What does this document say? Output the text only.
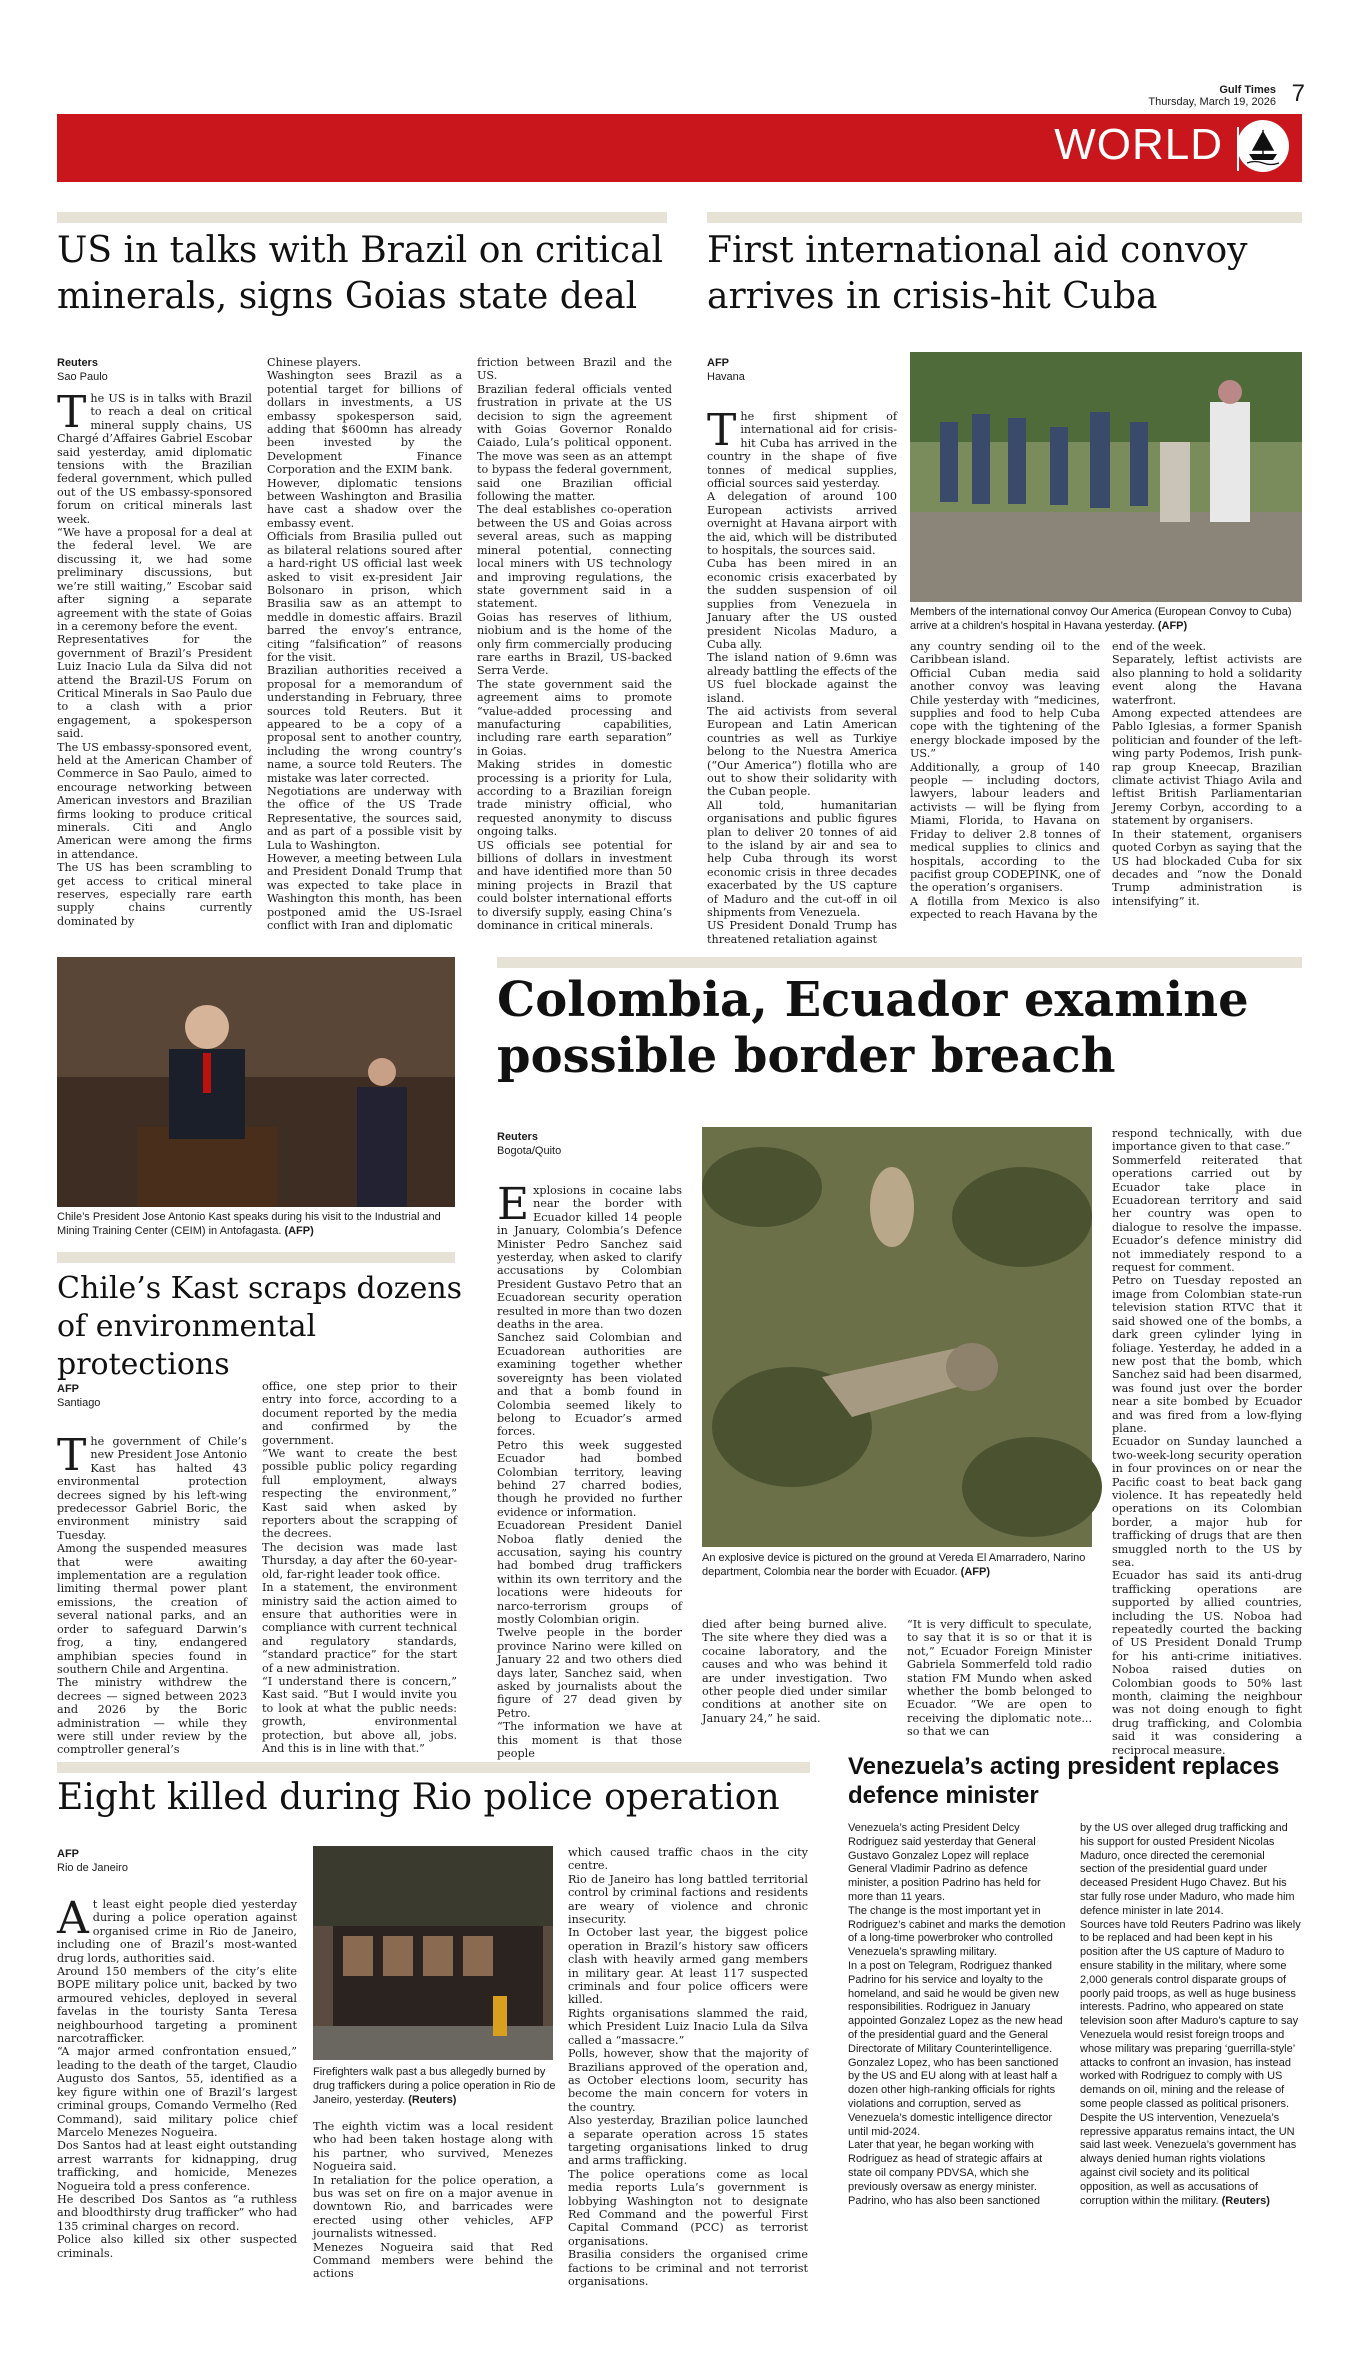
Gulf Times
Thursday, March 19, 2026 7
WORLD
US in talks with Brazil on critical minerals, signs Goias state deal
Reuters
Sao Paulo
The US is in talks with Brazil to reach a deal on critical mineral supply chains, US Chargé d’Affaires Gabriel Escobar said yesterday, amid diplomatic tensions with the Brazilian federal government, which pulled out of the US embassy-sponsored forum on critical minerals last week.
“We have a proposal for a deal at the federal level. We are discussing it, we had some preliminary discussions, but we’re still waiting,” Escobar said after signing a separate agreement with the state of Goias in a ceremony before the event.
Representatives for the government of Brazil’s President Luiz Inacio Lula da Silva did not attend the Brazil-US Forum on Critical Minerals in Sao Paulo due to a clash with a prior engagement, a spokesperson said.
The US embassy-sponsored event, held at the American Chamber of Commerce in Sao Paulo, aimed to encourage networking between American investors and Brazilian firms looking to produce critical minerals. Citi and Anglo American were among the firms in attendance.
The US has been scrambling to get access to critical mineral reserves, especially rare earth supply chains currently dominated by
Chinese players.
Washington sees Brazil as a potential target for billions of dollars in investments, a US embassy spokesperson said, adding that $600mn has already been invested by the Development Finance Corporation and the EXIM bank.
However, diplomatic tensions between Washington and Brasilia have cast a shadow over the embassy event.
Officials from Brasilia pulled out as bilateral relations soured after a hard-right US official last week asked to visit ex-president Jair Bolsonaro in prison, which Brasilia saw as an attempt to meddle in domestic affairs. Brazil barred the envoy’s entrance, citing “falsification” of reasons for the visit.
Brazilian authorities received a proposal for a memorandum of understanding in February, three sources told Reuters. But it appeared to be a copy of a proposal sent to another country, including the wrong country’s name, a source told Reuters. The mistake was later corrected.
Negotiations are underway with the office of the US Trade Representative, the sources said, and as part of a possible visit by Lula to Washington.
However, a meeting between Lula and President Donald Trump that was expected to take place in Washington this month, has been postponed amid the US-Israel conflict with Iran and diplomatic
friction between Brazil and the US.
Brazilian federal officials vented frustration in private at the US decision to sign the agreement with Goias Governor Ronaldo Caiado, Lula’s political opponent. The move was seen as an attempt to bypass the federal government, said one Brazilian official following the matter.
The deal establishes co-operation between the US and Goias across several areas, such as mapping mineral potential, connecting local miners with US technology and improving regulations, the state government said in a statement.
Goias has reserves of lithium, niobium and is the home of the only firm commercially producing rare earths in Brazil, US-backed Serra Verde.
The state government said the agreement aims to promote “value-added processing and manufacturing capabilities, including rare earth separation” in Goias.
Making strides in domestic processing is a priority for Lula, according to a Brazilian foreign trade ministry official, who requested anonymity to discuss ongoing talks.
US officials see potential for billions of dollars in investment and have identified more than 50 mining projects in Brazil that could bolster international efforts to diversify supply, easing China’s dominance in critical minerals.
First international aid convoy arrives in crisis-hit Cuba
AFP
Havana
The first shipment of international aid for crisis-hit Cuba has arrived in the country in the shape of five tonnes of medical supplies, official sources said yesterday.
A delegation of around 100 European activists arrived overnight at Havana airport with the aid, which will be distributed to hospitals, the sources said.
Cuba has been mired in an economic crisis exacerbated by the sudden suspension of oil supplies from Venezuela in January after the US ousted president Nicolas Maduro, a Cuba ally.
The island nation of 9.6mn was already battling the effects of the US fuel blockade against the island.
The aid activists from several European and Latin American countries as well as Turkiye belong to the Nuestra America (“Our America”) flotilla who are out to show their solidarity with the Cuban people.
All told, humanitarian organisations and public figures plan to deliver 20 tonnes of aid to the island by air and sea to help Cuba through its worst economic crisis in three decades exacerbated by the US capture of Maduro and the cut-off in oil shipments from Venezuela.
US President Donald Trump has threatened retaliation against
Members of the international convoy Our America (European Convoy to Cuba) arrive at a children’s hospital in Havana yesterday. (AFP)
any country sending oil to the Caribbean island.
Official Cuban media said another convoy was leaving Chile yesterday with “medicines, supplies and food to help Cuba cope with the tightening of the energy blockade imposed by the US.”
Additionally, a group of 140 people — including doctors, lawyers, labour leaders and activists — will be flying from Miami, Florida, to Havana on Friday to deliver 2.8 tonnes of medical supplies to clinics and hospitals, according to the pacifist group CODEPINK, one of the operation’s organisers.
A flotilla from Mexico is also expected to reach Havana by the
end of the week.
Separately, leftist activists are also planning to hold a solidarity event along the Havana waterfront.
Among expected attendees are Pablo Iglesias, a former Spanish politician and founder of the left-wing party Podemos, Irish punk-rap group Kneecap, Brazilian climate activist Thiago Avila and leftist British Parliamentarian Jeremy Corbyn, according to a statement by organisers.
In their statement, organisers quoted Corbyn as saying that the US had blockaded Cuba for six decades and “now the Donald Trump administration is intensifying” it.
Chile’s President Jose Antonio Kast speaks during his visit to the Industrial and Mining Training Center (CEIM) in Antofagasta. (AFP)
Chile’s Kast scraps dozens of environmental protections
AFP
Santiago
The government of Chile’s new President Jose Antonio Kast has halted 43 environmental protection decrees signed by his left-wing predecessor Gabriel Boric, the environment ministry said Tuesday.
Among the suspended measures that were awaiting implementation are a regulation limiting thermal power plant emissions, the creation of several national parks, and an order to safeguard Darwin’s frog, a tiny, endangered amphibian species found in southern Chile and Argentina.
The ministry withdrew the decrees — signed between 2023 and 2026 by the Boric administration — while they were still under review by the comptroller general’s
office, one step prior to their entry into force, according to a document reported by the media and confirmed by the government.
“We want to create the best possible public policy regarding full employment, always respecting the environment,” Kast said when asked by reporters about the scrapping of the decrees.
The decision was made last Thursday, a day after the 60-year-old, far-right leader took office.
In a statement, the environment ministry said the action aimed to ensure that authorities were in compliance with current technical and regulatory standards, “standard practice” for the start of a new administration.
“I understand there is concern,” Kast said. “But I would invite you to look at what the public needs: growth, environmental protection, but above all, jobs. And this is in line with that.”
Colombia, Ecuador examine possible border breach
Reuters
Bogota/Quito
Explosions in cocaine labs near the border with Ecuador killed 14 people in January, Colombia’s Defence Minister Pedro Sanchez said yesterday, when asked to clarify accusations by Colombian President Gustavo Petro that an Ecuadorean security operation resulted in more than two dozen deaths in the area.
Sanchez said Colombian and Ecuadorean authorities are examining together whether sovereignty has been violated and that a bomb found in Colombia seemed likely to belong to Ecuador’s armed forces.
Petro this week suggested Ecuador had bombed Colombian territory, leaving behind 27 charred bodies, though he provided no further evidence or information.
Ecuadorean President Daniel Noboa flatly denied the accusation, saying his country had bombed drug traffickers within its own territory and the locations were hideouts for narco-terrorism groups of mostly Colombian origin.
Twelve people in the border province Narino were killed on January 22 and two others died days later, Sanchez said, when asked by journalists about the figure of 27 dead given by Petro.
“The information we have at this moment is that those people
An explosive device is pictured on the ground at Vereda El Amarradero, Narino department, Colombia near the border with Ecuador. (AFP)
died after being burned alive. The site where they died was a cocaine laboratory, and the causes and who was behind it are under investigation. Two other people died under similar conditions at another site on January 24,” he said.
“It is very difficult to speculate, to say that it is so or that it is not,” Ecuador Foreign Minister Gabriela Sommerfeld told radio station FM Mundo when asked whether the bomb belonged to Ecuador. “We are open to receiving the diplomatic note... so that we can
respond technically, with due importance given to that case.”
Sommerfeld reiterated that operations carried out by Ecuador take place in Ecuadorean territory and said her country was open to dialogue to resolve the impasse. Ecuador’s defence ministry did not immediately respond to a request for comment.
Petro on Tuesday reposted an image from Colombian state-run television station RTVC that it said showed one of the bombs, a dark green cylinder lying in foliage. Yesterday, he added in a new post that the bomb, which Sanchez said had been disarmed, was found just over the border near a site bombed by Ecuador and was fired from a low-flying plane.
Ecuador on Sunday launched a two-week-long security operation in four provinces on or near the Pacific coast to beat back gang violence. It has repeatedly held operations on its Colombian border, a major hub for trafficking of drugs that are then smuggled north to the US by sea.
Ecuador has said its anti-drug trafficking operations are supported by allied countries, including the US. Noboa had repeatedly courted the backing of US President Donald Trump for his anti-crime initiatives. Noboa raised duties on Colombian goods to 50% last month, claiming the neighbour was not doing enough to fight drug trafficking, and Colombia said it was considering a reciprocal measure.
Eight killed during Rio police operation
AFP
Rio de Janeiro
At least eight people died yesterday during a police operation against organised crime in Rio de Janeiro, including one of Brazil’s most-wanted drug lords, authorities said.
Around 150 members of the city’s elite BOPE military police unit, backed by two armoured vehicles, deployed in several favelas in the touristy Santa Teresa neighbourhood targeting a prominent narcotrafficker.
“A major armed confrontation ensued,” leading to the death of the target, Claudio Augusto dos Santos, 55, identified as a key figure within one of Brazil’s largest criminal groups, Comando Vermelho (Red Command), said military police chief Marcelo Menezes Nogueira.
Dos Santos had at least eight outstanding arrest warrants for kidnapping, drug trafficking, and homicide, Menezes Nogueira told a press conference.
He described Dos Santos as “a ruthless and bloodthirsty drug trafficker” who had 135 criminal charges on record.
Police also killed six other suspected criminals.
Firefighters walk past a bus allegedly burned by drug traffickers during a police operation in Rio de Janeiro, yesterday. (Reuters)
The eighth victim was a local resident who had been taken hostage along with his partner, who survived, Menezes Nogueira said.
In retaliation for the police operation, a bus was set on fire on a major avenue in downtown Rio, and barricades were erected using other vehicles, AFP journalists witnessed.
Menezes Nogueira said that Red Command members were behind the actions
which caused traffic chaos in the city centre.
Rio de Janeiro has long battled territorial control by criminal factions and residents are weary of violence and chronic insecurity.
In October last year, the biggest police operation in Brazil’s history saw officers clash with heavily armed gang members in military gear. At least 117 suspected criminals and four police officers were killed.
Rights organisations slammed the raid, which President Luiz Inacio Lula da Silva called a “massacre.”
Polls, however, show that the majority of Brazilians approved of the operation and, as October elections loom, security has become the main concern for voters in the country.
Also yesterday, Brazilian police launched a separate operation across 15 states targeting organisations linked to drug and arms trafficking.
The police operations come as local media reports Lula’s government is lobbying Washington not to designate Red Command and the powerful First Capital Command (PCC) as terrorist organisations.
Brasilia considers the organised crime factions to be criminal and not terrorist organisations.
Venezuela’s acting president replaces defence minister
Venezuela’s acting President Delcy Rodriguez said yesterday that General Gustavo Gonzalez Lopez will replace General Vladimir Padrino as defence minister, a position Padrino has held for more than 11 years.
The change is the most important yet in Rodriguez’s cabinet and marks the demotion of a long-time powerbroker who controlled Venezuela’s sprawling military.
In a post on Telegram, Rodriguez thanked Padrino for his service and loyalty to the homeland, and said he would be given new responsibilities. Rodriguez in January appointed Gonzalez Lopez as the new head of the presidential guard and the General Directorate of Military Counterintelligence.
Gonzalez Lopez, who has been sanctioned by the US and EU along with at least half a dozen other high-ranking officials for rights violations and corruption, served as Venezuela’s domestic intelligence director until mid-2024.
Later that year, he began working with Rodriguez as head of strategic affairs at state oil company PDVSA, which she previously oversaw as energy minister. Padrino, who has also been sanctioned
by the US over alleged drug trafficking and his support for ousted President Nicolas Maduro, once directed the ceremonial section of the presidential guard under deceased President Hugo Chavez. But his star fully rose under Maduro, who made him defence minister in late 2014.
Sources have told Reuters Padrino was likely to be replaced and had been kept in his position after the US capture of Maduro to ensure stability in the military, where some 2,000 generals control disparate groups of poorly paid troops, as well as huge business interests. Padrino, who appeared on state television soon after Maduro’s capture to say Venezuela would resist foreign troops and whose military was preparing ‘guerrilla-style’ attacks to confront an invasion, has instead worked with Rodriguez to comply with US demands on oil, mining and the release of some people classed as political prisoners.
Despite the US intervention, Venezuela’s repressive apparatus remains intact, the UN said last week. Venezuela’s government has always denied human rights violations against civil society and its political opposition, as well as accusations of corruption within the military. (Reuters)
